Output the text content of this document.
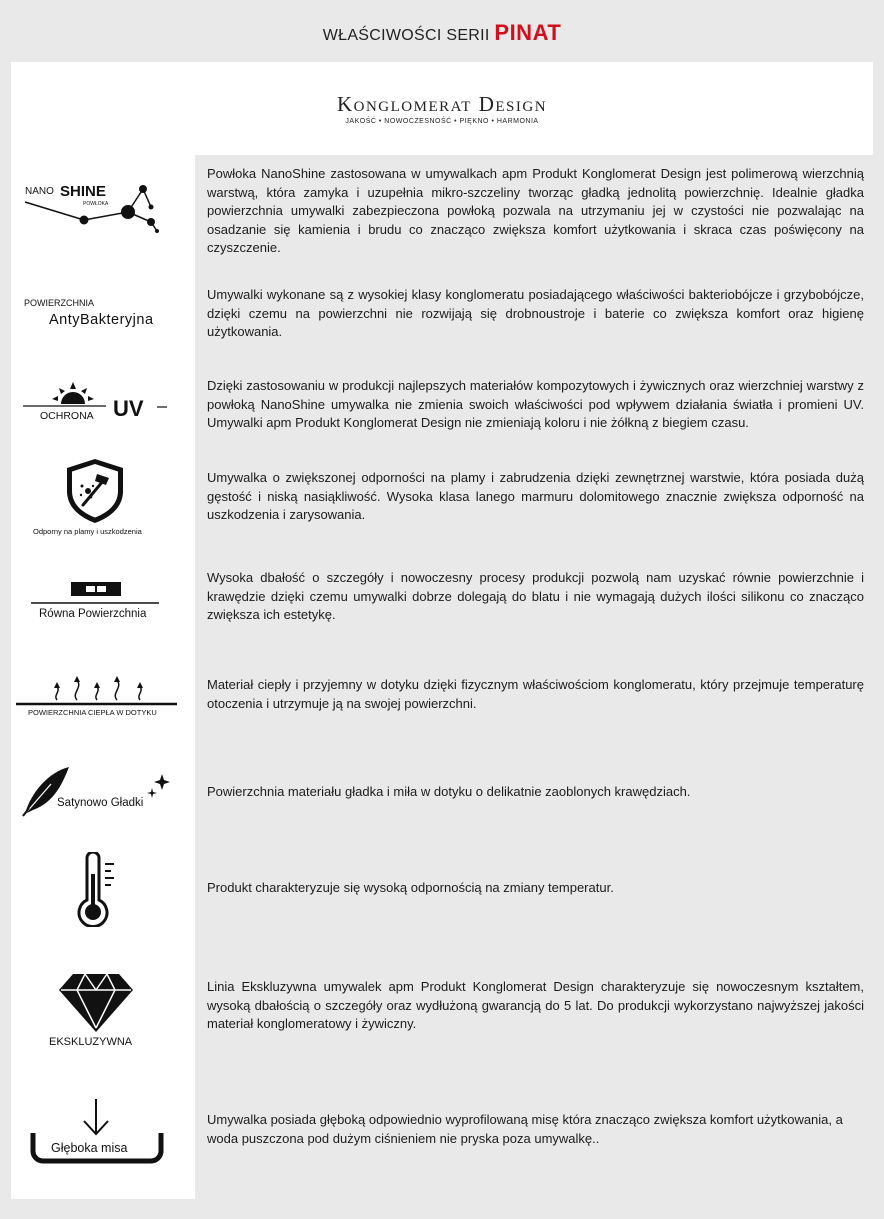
WŁAŚCIWOŚCI SERII PINAT
Konglomerat Design
JAKOŚĆ • NOWOCZESNOŚĆ • PIĘKNO • HARMONIA
NANO SHINE
POWŁOKA
Powłoka NanoShine zastosowana w umywalkach apm Produkt Konglomerat Design jest polimerową wierzchnią warstwą, która zamyka i uzupełnia mikro-szczeliny tworząc gładką jednolitą powierzchnię. Idealnie gładka powierzchnia umywalki zabezpieczona powłoką pozwala na utrzymaniu jej w czystości nie pozwalając na osadzanie się kamienia i brudu co znacząco zwiększa komfort użytkowania i skraca czas poświęcony na czyszczenie.
POWIERZCHNIA
AntyBakteryjna
Umywalki wykonane są z wysokiej klasy konglomeratu posiadającego właściwości bakteriobójcze i grzybobójcze, dzięki czemu na powierzchni nie rozwijają się drobnoustroje i baterie co zwiększa komfort oraz higienę użytkowania.
OCHRONA UV
Dzięki zastosowaniu w produkcji najlepszych materiałów kompozytowych i żywicznych oraz wierzchniej warstwy z powłoką NanoShine umywalka nie zmienia swoich właściwości pod wpływem działania światła i promieni UV. Umywalki apm Produkt Konglomerat Design nie zmieniają koloru i nie żółkną z biegiem czasu.
Odporny na plamy i uszkodzenia
Umywalka o zwiększonej odporności na plamy i zabrudzenia dzięki zewnętrznej warstwie, która posiada dużą gęstość i niską nasiąkliwość. Wysoka klasa lanego marmuru dolomitowego znacznie zwiększa odporność na uszkodzenia i zarysowania.
Równa Powierzchnia
Wysoka dbałość o szczegóły i nowoczesny procesy produkcji pozwolą nam uzyskać równie powierzchnie i krawędzie dzięki czemu umywalki dobrze dolegają do blatu i nie wymagają dużych ilości silikonu co znacząco zwiększa ich estetykę.
POWIERZCHNIA CIEPŁA W DOTYKU
Materiał ciepły i przyjemny w dotyku dzięki fizycznym właściwościom konglomeratu, który przejmuje temperaturę otoczenia i utrzymuje ją na swojej powierzchni.
Satynowo Gładki
Powierzchnia materiału gładka i miła w dotyku o delikatnie zaoblonych krawędziach.
Produkt charakteryzuje się wysoką odpornością na zmiany temperatur.
EKSKLUZYWNA
Linia Ekskluzywna umywalek apm Produkt Konglomerat Design charakteryzuje się nowoczesnym kształtem, wysoką dbałością o szczegóły oraz wydłużoną gwarancją do 5 lat. Do produkcji wykorzystano najwyższej jakości materiał konglomeratowy i żywiczny.
Głęboka misa
Umywalka posiada głęboką odpowiednio wyprofilowaną misę która znacząco zwiększa komfort użytkowania, a woda puszczona pod dużym ciśnieniem nie pryska poza umywalkę..
